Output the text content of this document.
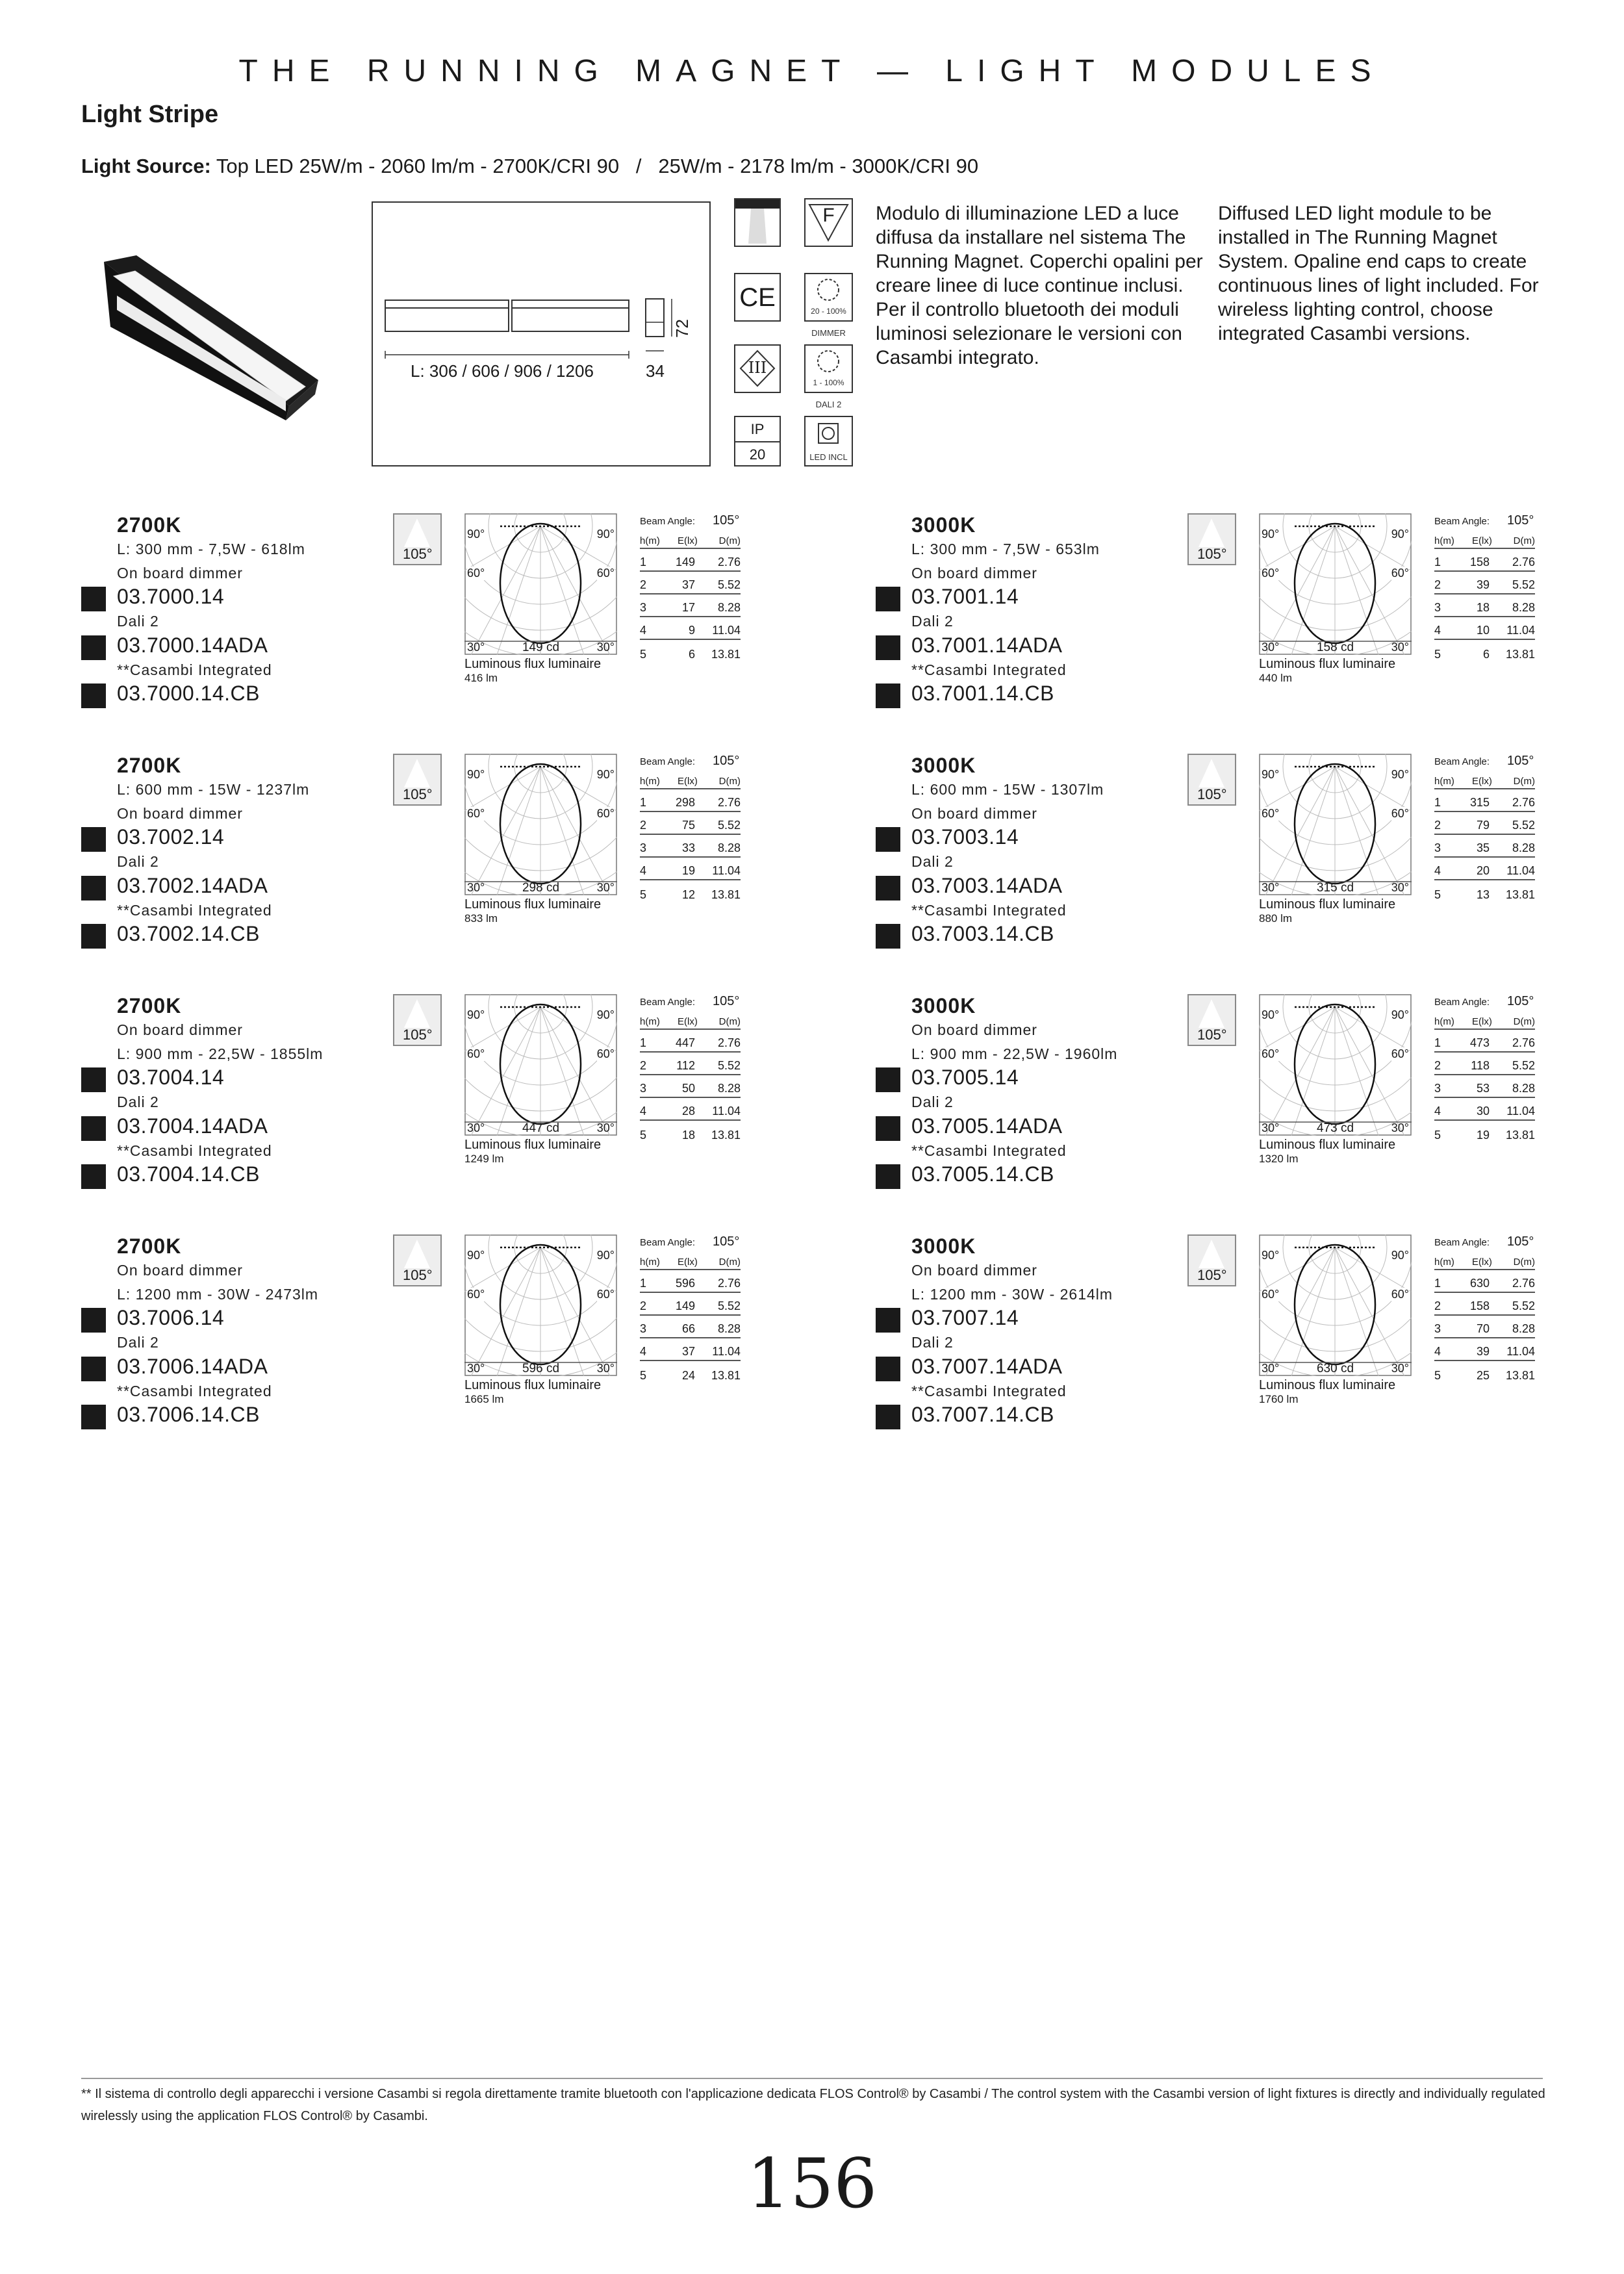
THE RUNNING MAGNET — LIGHT MODULES
Light Stripe
Light Source: Top LED 25W/m - 2060 lm/m - 2700K/CRI 90   /   25W/m - 2178 lm/m - 3000K/CRI 90
L: 306 / 606 / 906 / 1206	34
72
F
CE	20 - 100%
DIMMER
III
1 - 100%
DALI 2
IP
20	LED INCL
Modulo di illuminazione LED a luce diffusa da installare nel sistema The Running Magnet. Coperchi opalini per creare linee di luce continue inclusi. Per il controllo bluetooth dei moduli luminosi selezionare le versioni con Casambi integrato.
Diffused LED light module to be installed in The Running Magnet System. Opaline end caps to create continuous lines of light included. For wireless lighting control, choose integrated Casambi versions.
2700K
L: 300 mm - 7,5W - 618lm
On board dimmer
03.7000.14
Dali 2
03.7000.14ADA
**Casambi Integrated
03.7000.14.CB
105°
90°	90°
60°	60°
30°	30°
149 cd
Luminous flux luminaire
416 lm
Beam Angle: 105°
h(m) E(lx) D(m)
1 149 2.76
2	37 5.52
3	17 8.28
4	9 11.04
5	6 13.81
3000K
L: 300 mm - 7,5W - 653lm
On board dimmer
03.7001.14
Dali 2
03.7001.14ADA
**Casambi Integrated
03.7001.14.CB
105°
90°	90°
60°	60°
30°	30°
158 cd
Luminous flux luminaire
440 lm
Beam Angle: 105°
h(m) E(lx) D(m)
1 158 2.76
2	39 5.52
3	18 8.28
4	10 11.04
5	6 13.81
2700K
L: 600 mm - 15W - 1237lm
On board dimmer
03.7002.14
Dali 2
03.7002.14ADA
**Casambi Integrated
03.7002.14.CB
105°
90°	90°
60°	60°
30°	30°
298 cd
Luminous flux luminaire
833 lm
Beam Angle: 105°
h(m) E(lx) D(m)
1 298 2.76
2	75 5.52
3	33 8.28
4	19 11.04
5	12 13.81
3000K
L: 600 mm - 15W - 1307lm
On board dimmer
03.7003.14
Dali 2
03.7003.14ADA
**Casambi Integrated
03.7003.14.CB
105°
90°	90°
60°	60°
30°	30°
315 cd
Luminous flux luminaire
880 lm
Beam Angle: 105°
h(m) E(lx) D(m)
1 315 2.76
2	79 5.52
3	35 8.28
4	20 11.04
5	13 13.81
2700K
On board dimmer
L: 900 mm - 22,5W - 1855lm
03.7004.14
Dali 2
03.7004.14ADA
**Casambi Integrated
03.7004.14.CB
105°
90°	90°
60°	60°
30°	30°
447 cd
Luminous flux luminaire
1249 lm
Beam Angle: 105°
h(m) E(lx) D(m)
1 447 2.76
2	112 5.52
3	50 8.28
4	28 11.04
5	18 13.81
3000K
On board dimmer
L: 900 mm - 22,5W - 1960lm
03.7005.14
Dali 2
03.7005.14ADA
**Casambi Integrated
03.7005.14.CB
105°
90°	90°
60°	60°
30°	30°
473 cd
Luminous flux luminaire
1320 lm
Beam Angle: 105°
h(m) E(lx) D(m)
1 473 2.76
2	118 5.52
3	53 8.28
4	30 11.04
5	19 13.81
2700K
On board dimmer
L: 1200 mm - 30W - 2473lm
03.7006.14
Dali 2
03.7006.14ADA
**Casambi Integrated
03.7006.14.CB
105°
90°	90°
60°	60°
30°	30°
596 cd
Luminous flux luminaire
1665 lm
Beam Angle: 105°
h(m) E(lx) D(m)
1 596 2.76
2 149 5.52
3	66 8.28
4	37 11.04
5	24 13.81
3000K
On board dimmer
L: 1200 mm - 30W - 2614lm
03.7007.14
Dali 2
03.7007.14ADA
**Casambi Integrated
03.7007.14.CB
105°
90°	90°
60°	60°
30°	30°
630 cd
Luminous flux luminaire
1760 lm
Beam Angle: 105°
h(m) E(lx) D(m)
1 630 2.76
2 158 5.52
3	70 8.28
4	39 11.04
5	25 13.81
** Il sistema di controllo degli apparecchi i versione Casambi si regola direttamente tramite bluetooth con l'applicazione dedicata FLOS Control® by Casambi / The control system with the Casambi version of light fixtures is directly and individually regulated wirelessly using the application FLOS Control® by Casambi.
156
